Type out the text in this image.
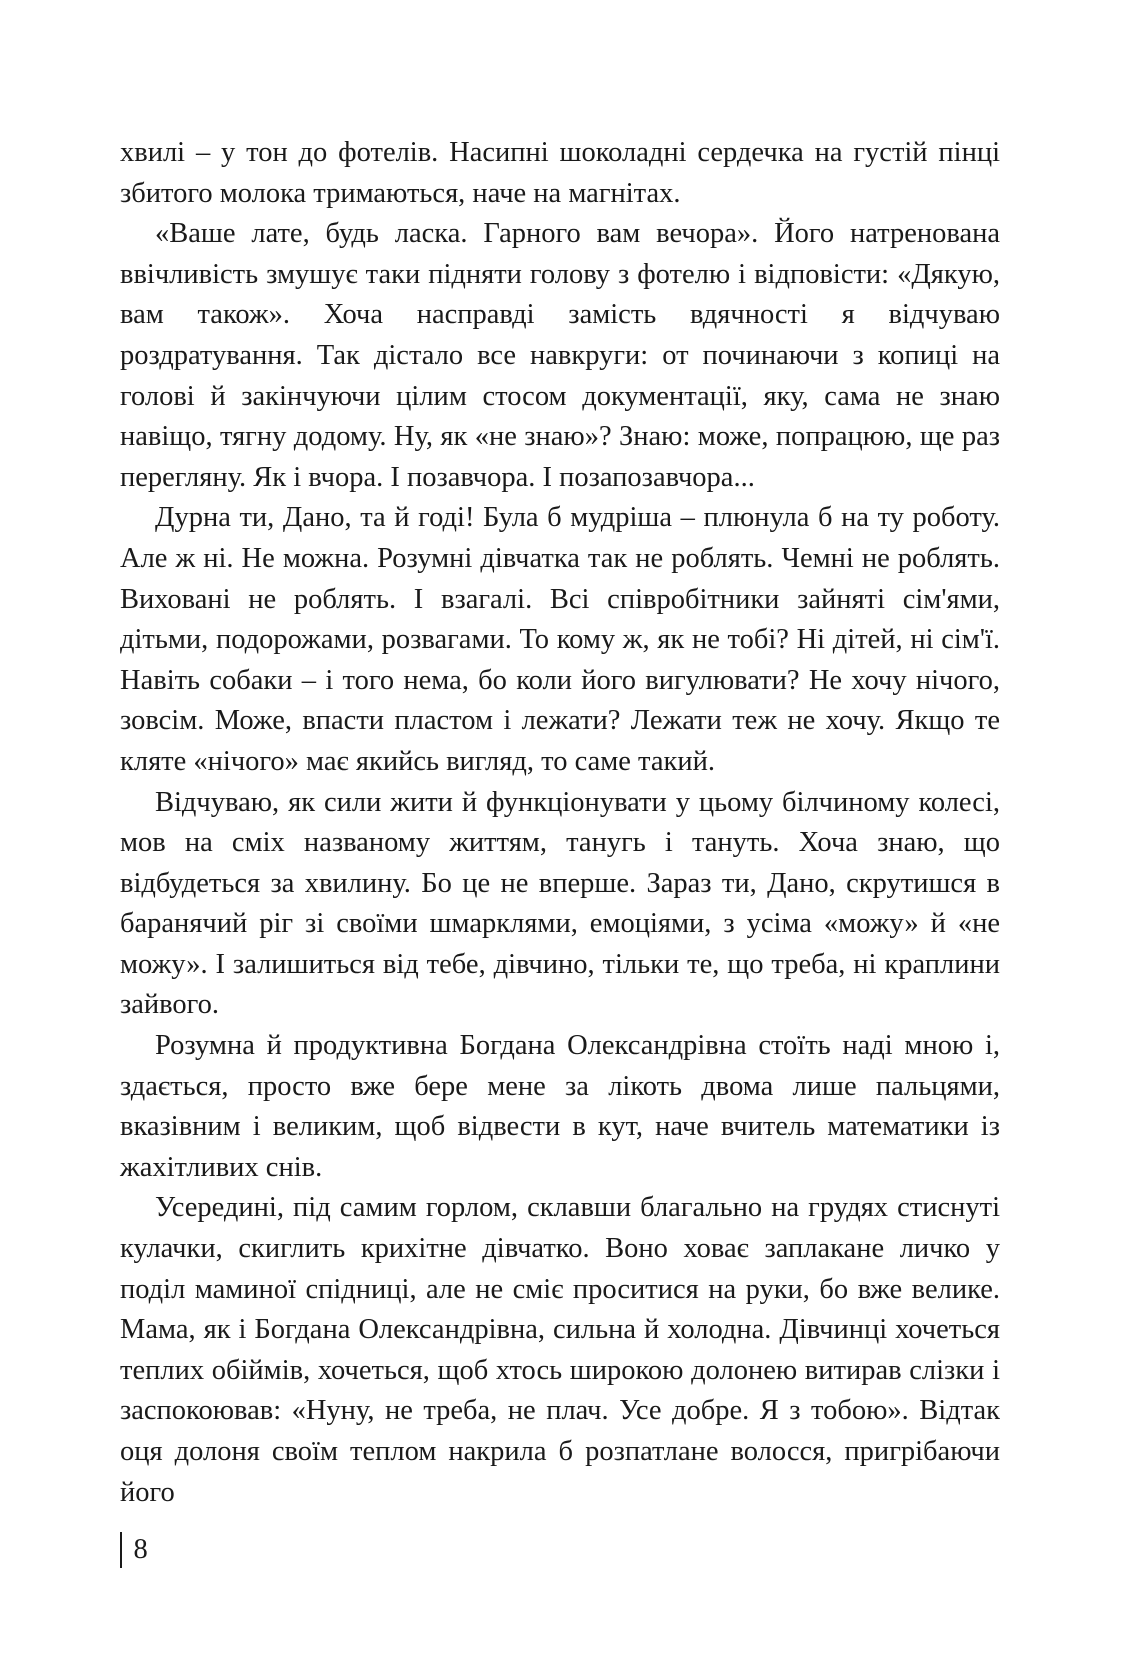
хвилі – у тон до фотелів. Насипні шоколадні сердечка на густій пінці збитого молока тримаються, наче на магнітах.

«Ваше лате, будь ласка. Гарного вам вечора». Його натренована ввічливість змушує таки підняти голову з фотелю і відповісти: «Дякую, вам також». Хоча насправді замість вдячності я відчуваю роздратування. Так дістало все навкруги: от починаючи з копиці на голові й закінчуючи цілим стосом документації, яку, сама не знаю навіщо, тягну додому. Ну, як «не знаю»? Знаю: може, попрацюю, ще раз перегляну. Як і вчора. І позавчора. І позапозавчора...

Дурна ти, Дано, та й годі! Була б мудріша – плюнула б на ту роботу. Але ж ні. Не можна. Розумні дівчатка так не роблять. Чемні не роблять. Виховані не роблять. І взагалі. Всі співробітники зайняті сім'ями, дітьми, подорожами, розвагами. То кому ж, як не тобі? Ні дітей, ні сім'ї. Навіть собаки – і того нема, бо коли його вигулювати? Не хочу нічого, зовсім. Може, впасти пластом і лежати? Лежати теж не хочу. Якщо те кляте «нічого» має якийсь вигляд, то саме такий.

Відчуваю, як сили жити й функціонувати у цьому білчиному колесі, мов на сміх названому життям, танугь і тануть. Хоча знаю, що відбудеться за хвилину. Бо це не вперше. Зараз ти, Дано, скрутишся в баранячий ріг зі своїми шмарклями, емоціями, з усіма «можу» й «не можу». І залишиться від тебе, дівчино, тільки те, що треба, ні краплини зайвого.

Розумна й продуктивна Богдана Олександрівна стоїть наді мною і, здається, просто вже бере мене за лікоть двома лише пальцями, вказівним і великим, щоб відвести в кут, наче вчитель математики із жахітливих снів.

Усередині, під самим горлом, склавши благально на грудях стиснуті кулачки, скиглить крихітне дівчатко. Воно ховає заплакане личко у поділ маминої спідниці, але не сміє проситися на руки, бо вже велике. Мама, як і Богдана Олександрівна, сильна й холодна. Дівчинці хочеться теплих обіймів, хочеться, щоб хтось широкою долонею витирав слізки і заспокоював: «Нуну, не треба, не плач. Усе добре. Я з тобою». Відтак оця долоня своїм теплом накрила б розпатлане волосся, пригрібаючи його

8
